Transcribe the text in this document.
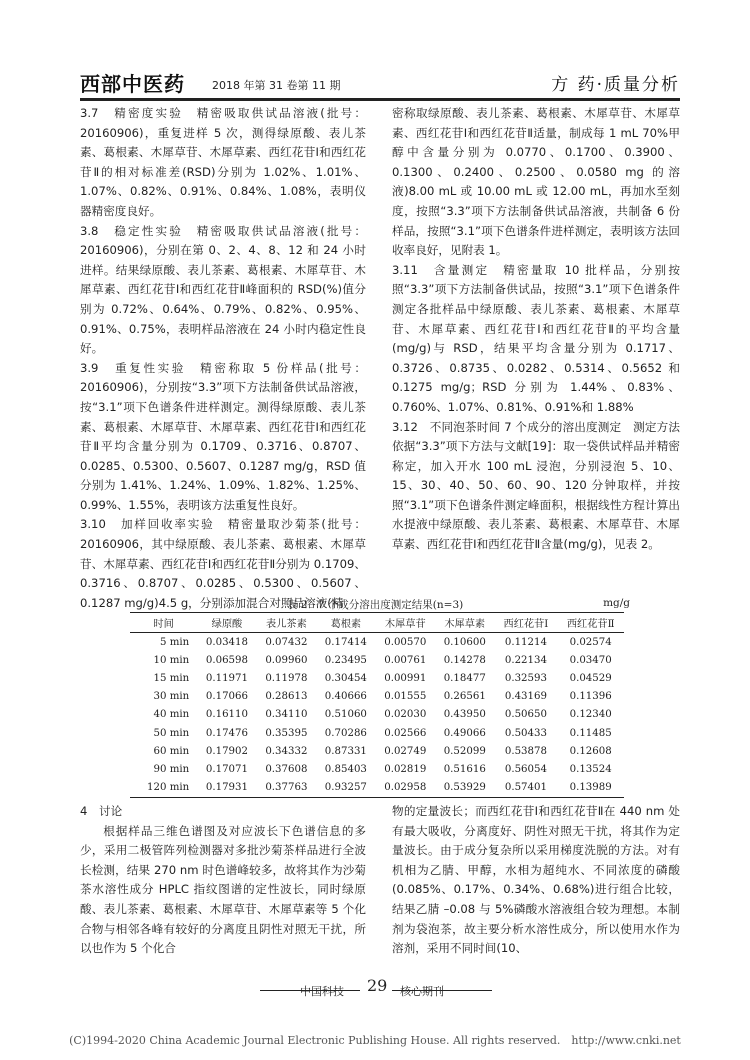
西部中医药 2018 年第 31 卷第 11 期	方 药·质量分析

3.7　精密度实验　精密吸取供试品溶液(批号：20160906)，重复进样 5 次，测得绿原酸、表儿茶素、葛根素、木犀草苷、木犀草素、西红花苷Ⅰ和西红花苷Ⅱ的相对标准差(RSD)分别为 1.02%、1.01%、1.07%、0.82%、0.91%、0.84%、1.08%，表明仪器精密度良好。

3.8　稳定性实验　精密吸取供试品溶液(批号：20160906)，分别在第 0、2、4、8、12 和 24 小时进样。结果绿原酸、表儿茶素、葛根素、木犀草苷、木犀草素、西红花苷Ⅰ和西红花苷Ⅱ峰面积的 RSD(%)值分别为 0.72%、0.64%、0.79%、0.82%、0.95%、0.91%、0.75%，表明样品溶液在 24 小时内稳定性良好。

3.9　重复性实验　精密称取 5 份样品(批号：20160906)，分别按“3.3”项下方法制备供试品溶液，按“3.1”项下色谱条件进样测定。测得绿原酸、表儿茶素、葛根素、木犀草苷、木犀草素、西红花苷Ⅰ和西红花苷Ⅱ平均含量分别为 0.1709、0.3716、0.8707、0.0285、0.5300、0.5607、0.1287 mg/g，RSD 值分别为 1.41%、1.24%、1.09%、1.82%、1.25%、0.99%、1.55%，表明该方法重复性良好。

3.10　加样回收率实验　精密量取沙菊茶(批号：20160906，其中绿原酸、表儿茶素、葛根素、木犀草苷、木犀草素、西红花苷Ⅰ和西红花苷Ⅱ分别为 0.1709、0.3716、0.8707、0.0285、0.5300、0.5607、0.1287 mg/g)4.5 g，分别添加混合对照品溶液(精

密称取绿原酸、表儿茶素、葛根素、木犀草苷、木犀草素、西红花苷Ⅰ和西红花苷Ⅱ适量，制成每 1 mL 70%甲醇中含量分别为 0.0770、0.1700、0.3900、0.1300、0.2400、0.2500、0.0580 mg 的溶液)8.00 mL 或 10.00 mL 或 12.00 mL，再加水至刻度，按照“3.3”项下方法制备供试品溶液，共制备 6 份样品，按照“3.1”项下色谱条件进样测定，表明该方法回收率良好，见附表 1。

3.11　含量测定　精密量取 10 批样品，分别按照“3.3”项下方法制备供试品，按照“3.1”项下色谱条件测定各批样品中绿原酸、表儿茶素、葛根素、木犀草苷、木犀草素、西红花苷Ⅰ和西红花苷Ⅱ的平均含量(mg/g)与 RSD，结果平均含量分别为 0.1717、0.3726、0.8735、0.0282、0.5314、0.5652 和 0.1275 mg/g；RSD 分别为 1.44%、0.83%、0.760%、1.07%、0.81%、0.91%和 1.88%

3.12　不同泡茶时间 7 个成分的溶出度测定　测定方法依据“3.3”项下方法与文献[19]：取一袋供试样品并精密称定，加入开水 100 mL 浸泡，分别浸泡 5、10、15、30、40、50、60、90、120 分钟取样，并按照“3.1”项下色谱条件测定峰面积，根据线性方程计算出水提液中绿原酸、表儿茶素、葛根素、木犀草苷、木犀草素、西红花苷Ⅰ和西红花苷Ⅱ含量(mg/g)，见表 2。

表 2　7 个成分溶出度测定结果(n=3)	mg/g
时间	绿原酸	表儿茶素	葛根素	木犀草苷	木犀草素	西红花苷Ⅰ	西红花苷Ⅱ
5 min	0.03418	0.07432	0.17414	0.00570	0.10600	0.11214	0.02574
10 min	0.06598	0.09960	0.23495	0.00761	0.14278	0.22134	0.03470
15 min	0.11971	0.11978	0.30454	0.00991	0.18477	0.32593	0.04529
30 min	0.17066	0.28613	0.40666	0.01555	0.26561	0.43169	0.11396
40 min	0.16110	0.34110	0.51060	0.02030	0.43950	0.50650	0.12340
50 min	0.17476	0.35395	0.70286	0.02566	0.49066	0.50433	0.11485
60 min	0.17902	0.34332	0.87331	0.02749	0.52099	0.53878	0.12608
90 min	0.17071	0.37608	0.85403	0.02819	0.51616	0.56054	0.13524
120 min	0.17931	0.37763	0.93257	0.02958	0.53929	0.57401	0.13989

4　讨论

根据样品三维色谱图及对应波长下色谱信息的多少，采用二极管阵列检测器对多批沙菊茶样品进行全波长检测，结果 270 nm 时色谱峰较多，故将其作为沙菊茶水溶性成分 HPLC 指纹图谱的定性波长，同时绿原酸、表儿茶素、葛根素、木犀草苷、木犀草素等 5 个化合物与相邻各峰有较好的分离度且阴性对照无干扰，所以也作为 5 个化合

物的定量波长；而西红花苷Ⅰ和西红花苷Ⅱ在 440 nm 处有最大吸收，分离度好、阴性对照无干扰，将其作为定量波长。由于成分复杂所以采用梯度洗脱的方法。对有机相为乙腈、甲醇，水相为超纯水、不同浓度的磷酸(0.085%、0.17%、0.34%、0.68%)进行组合比较，结果乙腈 –0.08 与 5%磷酸水溶液组合较为理想。本制剂为袋泡茶，故主要分析水溶性成分，所以使用水作为溶剂，采用不同时间(10、

中国科技 29 核心期刊
(C)1994-2020 China Academic Journal Electronic Publishing House. All rights reserved.　http://www.cnki.net
